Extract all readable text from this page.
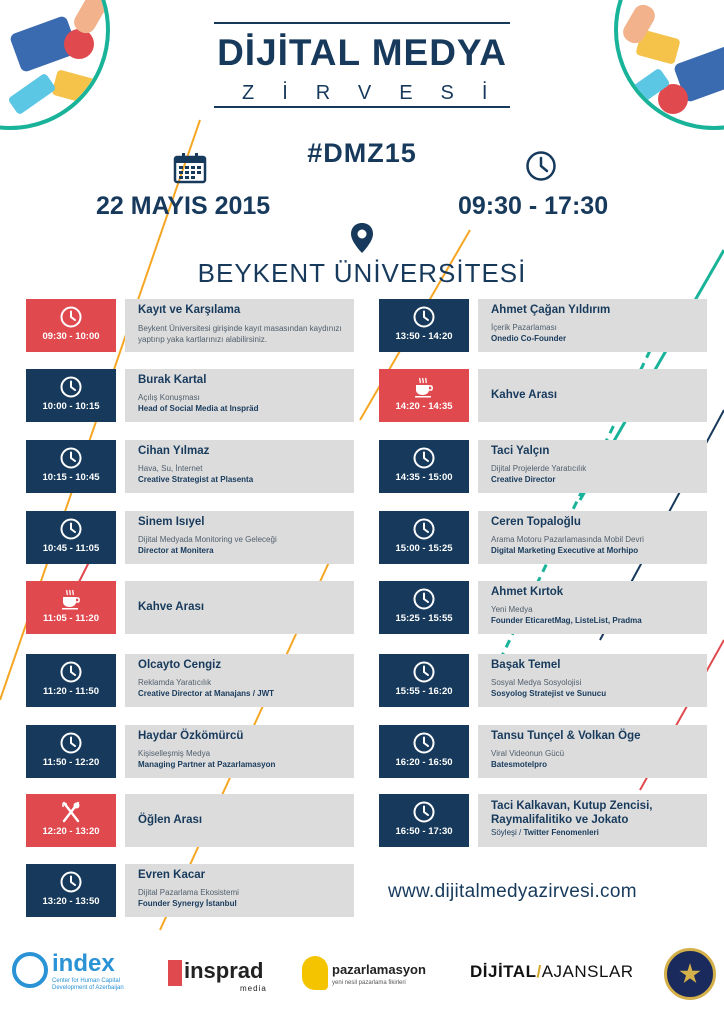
DİJİTAL MEDYA
ZİRVESİ
#DMZ15
22 MAYIS 2015	09:30 - 17:30
BEYKENT ÜNİVERSİTESİ
09:30 - 10:00
Kayıt ve Karşılama
Beykent Üniversitesi girişinde kayıt masasından kaydınızı yaptırıp yaka kartlarınızı alabilirsiniz.
10:00 - 10:15
Burak Kartal
Açılış Konuşması
Head of Social Media at Inspräd
10:15 - 10:45
Cihan Yılmaz
Hava, Su, İnternet
Creative Strategist at Plasenta
10:45 - 11:05
Sinem Isıyel
Dijital Medyada Monitoring ve Geleceği
Director at Monitera
11:05 - 11:20
Kahve Arası
11:20 - 11:50
Olcayto Cengiz
Reklamda Yaratıcılık
Creative Director at Manajans / JWT
11:50 - 12:20
Haydar Özkömürcü
Kişiselleşmiş Medya
Managing Partner at Pazarlamasyon
12:20 - 13:20
Öğlen Arası
13:20 - 13:50
Evren Kacar
Dijital Pazarlama Ekosistemi
Founder Synergy İstanbul
13:50 - 14:20
Ahmet Çağan Yıldırım
İçerik Pazarlaması
Onedio Co-Founder
14:20 - 14:35
Kahve Arası
14:35 - 15:00
Taci Yalçın
Dijital Projelerde Yaratıcılık
Creative Director
15:00 - 15:25
Ceren Topaloğlu
Arama Motoru Pazarlamasında Mobil Devri
Digital Marketing Executive at Morhipo
15:25 - 15:55
Ahmet Kırtok
Yeni Medya
Founder EticaretMag, ListeList, Pradma
15:55 - 16:20
Başak Temel
Sosyal Medya Sosyolojisi
Sosyolog Stratejist ve Sunucu
16:20 - 16:50
Tansu Tunçel & Volkan Öge
Viral Videonun Gücü
Batesmotelpro
16:50 - 17:30
Taci Kalkavan, Kutup Zencisi, Raymalifalitiko ve Jokato
Söyleşi / Twitter Fenomenleri
www.dijitalmedyazirvesi.com
index
Center for Human Capital Development of Azerbaijan
insprad
media
pazarlamasyon
yeni nesil pazarlama fikirleri
DİJİTAL/AJANSLAR
